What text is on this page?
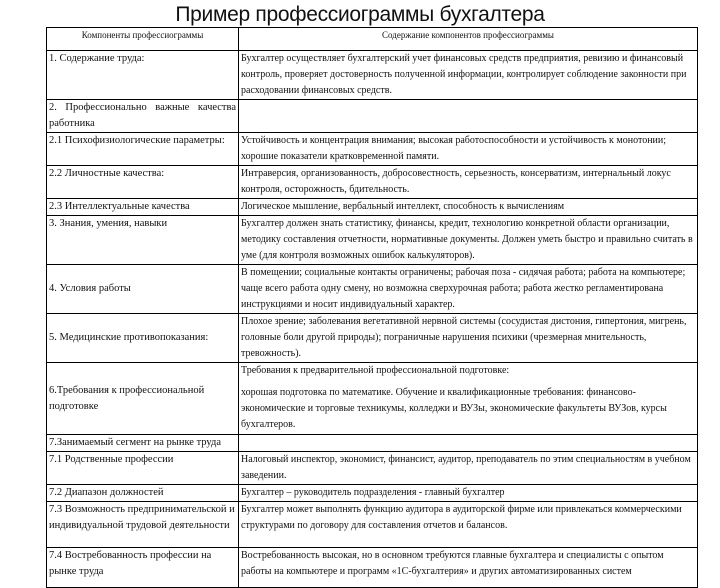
Пример профессиограммы бухгалтера
Компоненты профессиограммы	Содержание компонентов профессиограммы
1. Содержание труда:	Бухгалтер осуществляет бухгалтерский учет финансовых средств предприятия, ревизию и финансовый контроль, проверяет достоверность полученной информации, контролирует соблюдение законности при расходовании финансовых средств.
2. Профессионально важные качества работника	
2.1 Психофизиологические параметры:	Устойчивость и концентрация внимания; высокая работоспособности и устойчивость к монотонии; хорошие показатели кратковременной памяти.
2.2 Личностные качества:	Интраверсия, организованность, добросовестность, серьезность, консерватизм, интернальный локус контроля, осторожность, бдительность.
2.3 Интеллектуальные качества	Логическое мышление, вербальный интеллект, способность к вычислениям
3. Знания, умения, навыки	Бухгалтер должен знать статистику, финансы, кредит, технологию конкретной области организации, методику составления отчетности, нормативные документы. Должен уметь быстро и правильно считать в уме (для контроля возможных ошибок калькуляторов).
4. Условия работы	В помещении; социальные контакты ограничены; рабочая поза - сидячая работа; работа на компьютере; чаще всего работа одну смену, но возможна сверхурочная работа; работа жестко регламентирована инструкциями и носит индивидуальный характер.
5. Медицинские противопоказания:	Плохое зрение; заболевания вегетативной нервной системы (сосудистая дистония, гипертония, мигрень, головные боли другой природы); пограничные нарушения психики (чрезмерная мнительность, тревожность).
6.Требования к профессиональной подготовке	Требования к предварительной профессиональной подготовке:
хорошая подготовка по математике. Обучение и квалификационные требования: финансово-экономические и торговые техникумы, колледжи и ВУЗы, экономические факультеты ВУЗов, курсы бухгалтеров.

7.Занимаемый сегмент на рынке труда	
7.1 Родственные профессии	Налоговый инспектор, экономист, финансист, аудитор, преподаватель по этим специальностям в учебном заведении.
7.2 Диапазон должностей	Бухгалтер – руководитель подразделения - главный бухгалтер
7.3 Возможность предпринимательской и индивидуальной трудовой деятельности	Бухгалтер может выполнять функцию аудитора в аудиторской фирме или привлекаться коммерческими структурами по договору для составления отчетов и балансов.
7.4 Востребованность профессии на рынке труда	Востребованность высокая, но в основном требуются главные бухгалтера и специалисты с опытом работы на компьютере и программ «1С-бухгалтерия» и других автоматизированных систем
